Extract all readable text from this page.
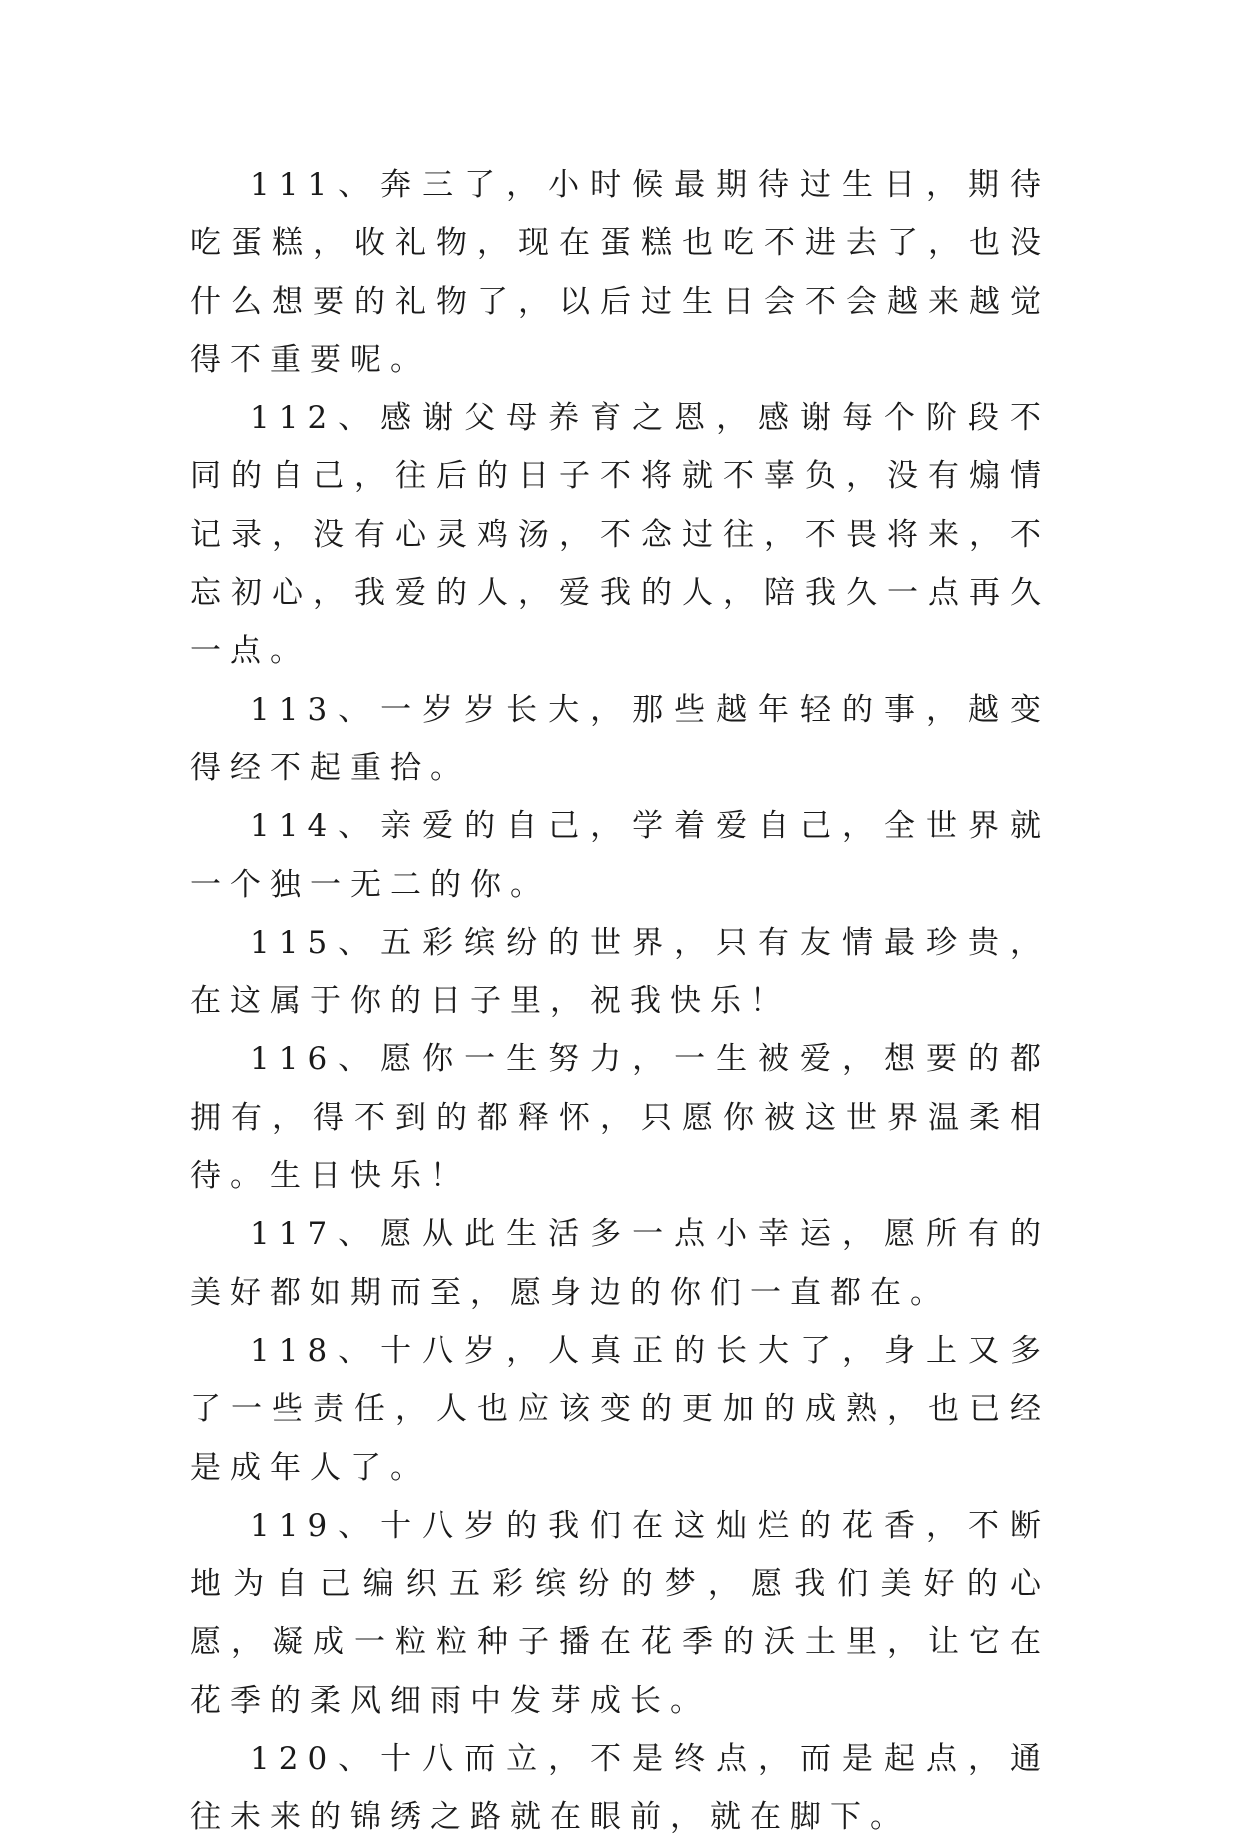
111、奔三了，小时候最期待过生日，期待吃蛋糕，收礼物，现在蛋糕也吃不进去了，也没什么想要的礼物了，以后过生日会不会越来越觉得不重要呢。

112、感谢父母养育之恩，感谢每个阶段不同的自己，往后的日子不将就不辜负，没有煽情记录，没有心灵鸡汤，不念过往，不畏将来，不忘初心，我爱的人，爱我的人，陪我久一点再久一点。

113、一岁岁长大，那些越年轻的事，越变得经不起重拾。

114、亲爱的自己，学着爱自己，全世界就一个独一无二的你。

115、五彩缤纷的世界，只有友情最珍贵，在这属于你的日子里，祝我快乐！

116、愿你一生努力，一生被爱，想要的都拥有，得不到的都释怀，只愿你被这世界温柔相待。生日快乐！

117、愿从此生活多一点小幸运，愿所有的美好都如期而至，愿身边的你们一直都在。

118、十八岁，人真正的长大了，身上又多了一些责任，人也应该变的更加的成熟，也已经是成年人了。

119、十八岁的我们在这灿烂的花香，不断地为自己编织五彩缤纷的梦，愿我们美好的心愿，凝成一粒粒种子播在花季的沃土里，让它在花季的柔风细雨中发芽成长。

120、十八而立，不是终点，而是起点，通往未来的锦绣之路就在眼前，就在脚下。
